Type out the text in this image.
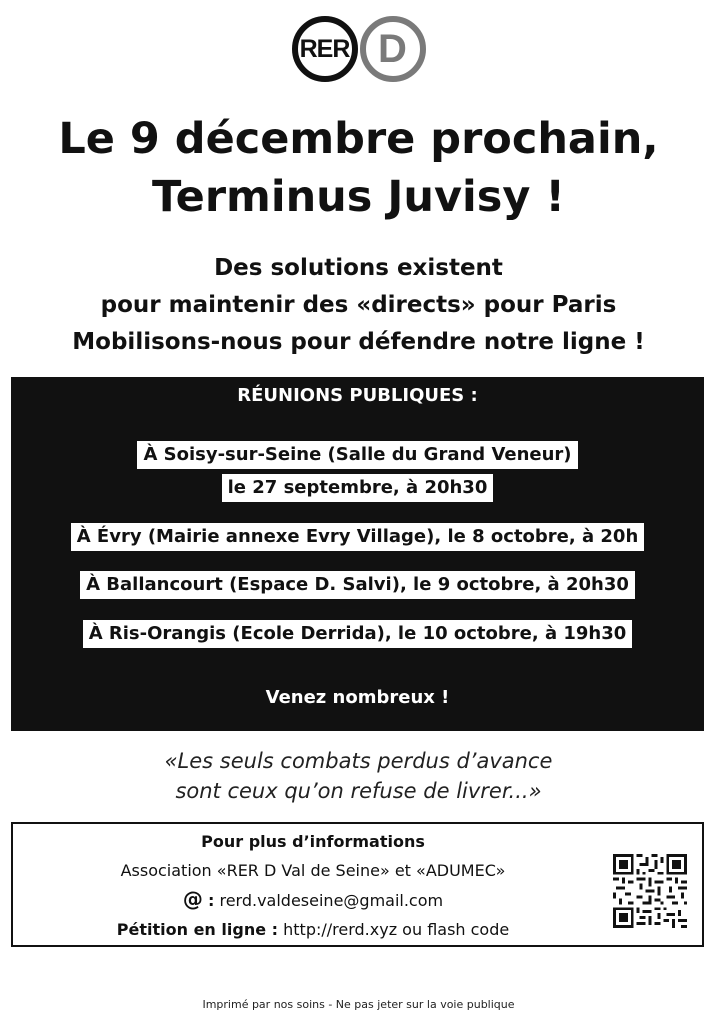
RER D
Le 9 décembre prochain,
Terminus Juvisy !
Des solutions existent
pour maintenir des «directs» pour Paris
Mobilisons-nous pour défendre notre ligne !
RÉUNIONS PUBLIQUES :
À Soisy-sur-Seine (Salle du Grand Veneur)
le 27 septembre, à 20h30
À Évry (Mairie annexe Evry Village), le 8 octobre, à 20h
À Ballancourt (Espace D. Salvi), le 9 octobre, à 20h30
À Ris-Orangis (Ecole Derrida), le 10 octobre, à 19h30
Venez nombreux !
«Les seuls combats perdus d’avance
sont ceux qu’on refuse de livrer...»
Pour plus d’informations
Association «RER D Val de Seine» et «ADUMEC»
@ : rerd.valdeseine@gmail.com
Pétition en ligne : http://rerd.xyz ou flash code
Imprimé par nos soins - Ne pas jeter sur la voie publique
